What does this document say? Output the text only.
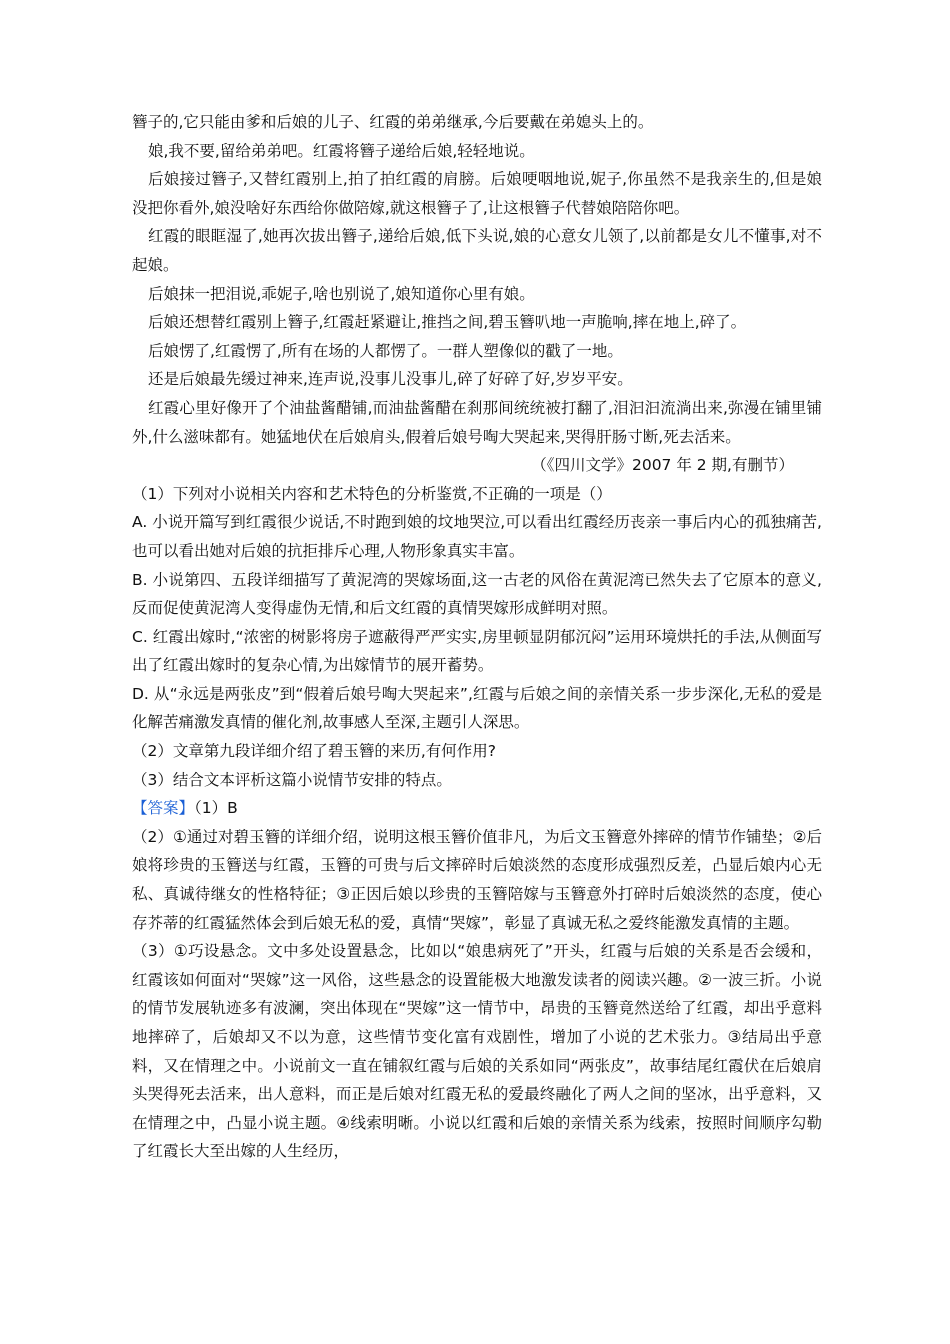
簪子的,它只能由爹和后娘的儿子、红霞的弟弟继承,今后要戴在弟媳头上的。

娘,我不要,留给弟弟吧。红霞将簪子递给后娘,轻轻地说。

后娘接过簪子,又替红霞别上,拍了拍红霞的肩膀。后娘哽咽地说,妮子,你虽然不是我亲生的,但是娘没把你看外,娘没啥好东西给你做陪嫁,就这根簪子了,让这根簪子代替娘陪陪你吧。

红霞的眼眶湿了,她再次拔出簪子,递给后娘,低下头说,娘的心意女儿领了,以前都是女儿不懂事,对不起娘。

后娘抹一把泪说,乖妮子,啥也别说了,娘知道你心里有娘。

后娘还想替红霞别上簪子,红霞赶紧避让,推挡之间,碧玉簪叭地一声脆响,摔在地上,碎了。

后娘愣了,红霞愣了,所有在场的人都愣了。一群人塑像似的戳了一地。

还是后娘最先缓过神来,连声说,没事儿没事儿,碎了好碎了好,岁岁平安。

红霞心里好像开了个油盐酱醋铺,而油盐酱醋在刹那间统统被打翻了,泪汩汩流淌出来,弥漫在铺里铺外,什么滋味都有。她猛地伏在后娘肩头,假着后娘号啕大哭起来,哭得肝肠寸断,死去活来。

（《四川文学》2007 年 2 期,有删节）

（1）下列对小说相关内容和艺术特色的分析鉴赏,不正确的一项是（）

A. 小说开篇写到红霞很少说话,不时跑到娘的坟地哭泣,可以看出红霞经历丧亲一事后内心的孤独痛苦,也可以看出她对后娘的抗拒排斥心理,人物形象真实丰富。

B. 小说第四、五段详细描写了黄泥湾的哭嫁场面,这一古老的风俗在黄泥湾已然失去了它原本的意义,反而促使黄泥湾人变得虚伪无情,和后文红霞的真情哭嫁形成鲜明对照。

C. 红霞出嫁时,“浓密的树影将房子遮蔽得严严实实,房里顿显阴郁沉闷”运用环境烘托的手法,从侧面写出了红霞出嫁时的复杂心情,为出嫁情节的展开蓄势。

D. 从“永远是两张皮”到“假着后娘号啕大哭起来”,红霞与后娘之间的亲情关系一步步深化,无私的爱是化解苦痛激发真情的催化剂,故事感人至深,主题引人深思。

（2）文章第九段详细介绍了碧玉簪的来历,有何作用?

（3）结合文本评析这篇小说情节安排的特点。

【答案】（1）B

（2）①通过对碧玉簪的详细介绍，说明这根玉簪价值非凡，为后文玉簪意外摔碎的情节作铺垫；②后娘将珍贵的玉簪送与红霞，玉簪的可贵与后文摔碎时后娘淡然的态度形成强烈反差，凸显后娘内心无私、真诚待继女的性格特征；③正因后娘以珍贵的玉簪陪嫁与玉簪意外打碎时后娘淡然的态度，使心存芥蒂的红霞猛然体会到后娘无私的爱，真情“哭嫁”，彰显了真诚无私之爱终能激发真情的主题。

（3）①巧设悬念。文中多处设置悬念，比如以“娘患病死了”开头，红霞与后娘的关系是否会缓和，红霞该如何面对“哭嫁”这一风俗，这些悬念的设置能极大地激发读者的阅读兴趣。②一波三折。小说的情节发展轨迹多有波澜，突出体现在“哭嫁”这一情节中，昂贵的玉簪竟然送给了红霞，却出乎意料地摔碎了，后娘却又不以为意，这些情节变化富有戏剧性，增加了小说的艺术张力。③结局出乎意料，又在情理之中。小说前文一直在铺叙红霞与后娘的关系如同“两张皮”，故事结尾红霞伏在后娘肩头哭得死去活来，出人意料，而正是后娘对红霞无私的爱最终融化了两人之间的坚冰，出乎意料，又在情理之中，凸显小说主题。④线索明晰。小说以红霞和后娘的亲情关系为线索，按照时间顺序勾勒了红霞长大至出嫁的人生经历，
